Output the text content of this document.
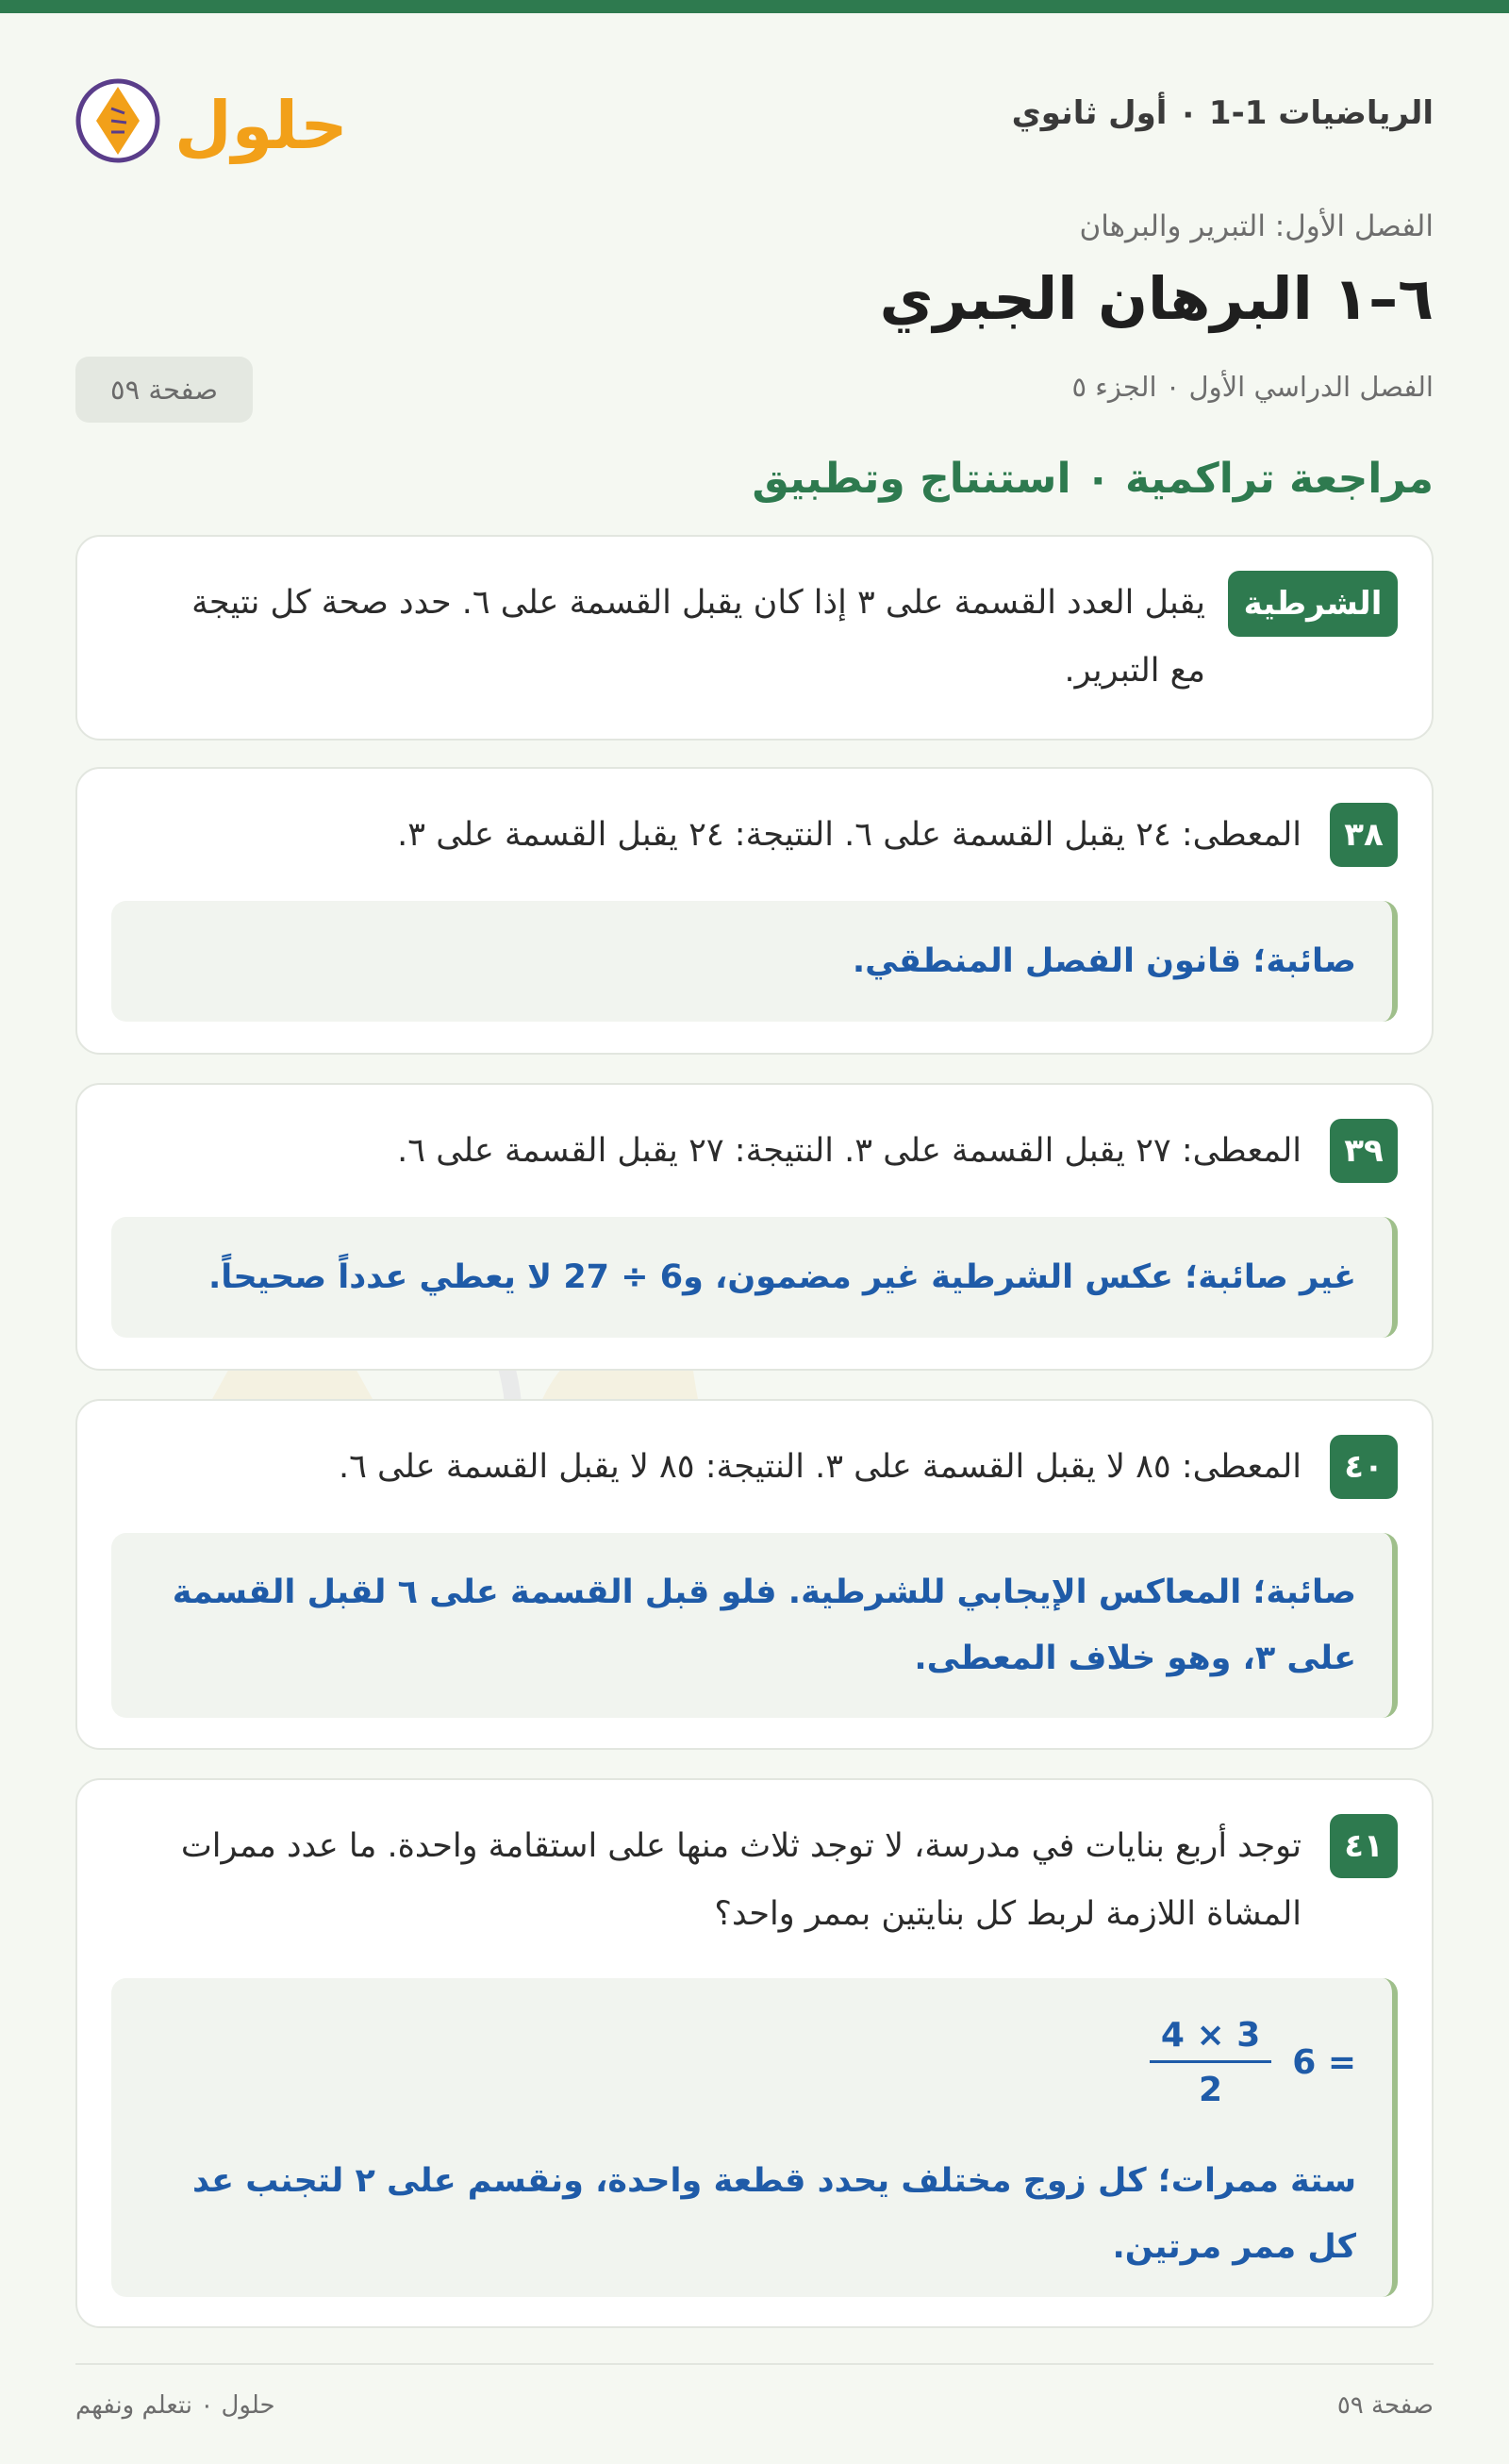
الرياضيات 1-1 ۰ أول ثانوي
حلول
الفصل الأول: التبرير والبرهان
٦–١ البرهان الجبري
الفصل الدراسي الأول ۰ الجزء ٥
صفحة ٥٩
مراجعة تراكمية ۰ استنتاج وتطبيق
الشرطية
يقبل العدد القسمة على ٣ إذا كان يقبل القسمة على ٦. حدد صحة كل نتيجة مع التبرير.
٣٨
المعطى: ٢٤ يقبل القسمة على ٦. النتيجة: ٢٤ يقبل القسمة على ٣.
صائبة؛ قانون الفصل المنطقي.
٣٩
المعطى: ٢٧ يقبل القسمة على ٣. النتيجة: ٢٧ يقبل القسمة على ٦.
غير صائبة؛ عكس الشرطية غير مضمون، و6 ÷ 27 لا يعطي عدداً صحيحاً.
٤٠
المعطى: ٨٥ لا يقبل القسمة على ٣. النتيجة: ٨٥ لا يقبل القسمة على ٦.
صائبة؛ المعاكس الإيجابي للشرطية. فلو قبل القسمة على ٦ لقبل القسمة على ٣، وهو خلاف المعطى.
٤١
توجد أربع بنايات في مدرسة، لا توجد ثلاث منها على استقامة واحدة. ما عدد ممرات المشاة اللازمة لربط كل بنايتين بممر واحد؟
$\frac{4 \times 3}{2} 6$ =
ستة ممرات؛ كل زوج مختلف يحدد قطعة واحدة، ونقسم على ٢ لتجنب عد كل ممر مرتين.
حلول ۰ نتعلم ونفهم	صفحة ٥٩
